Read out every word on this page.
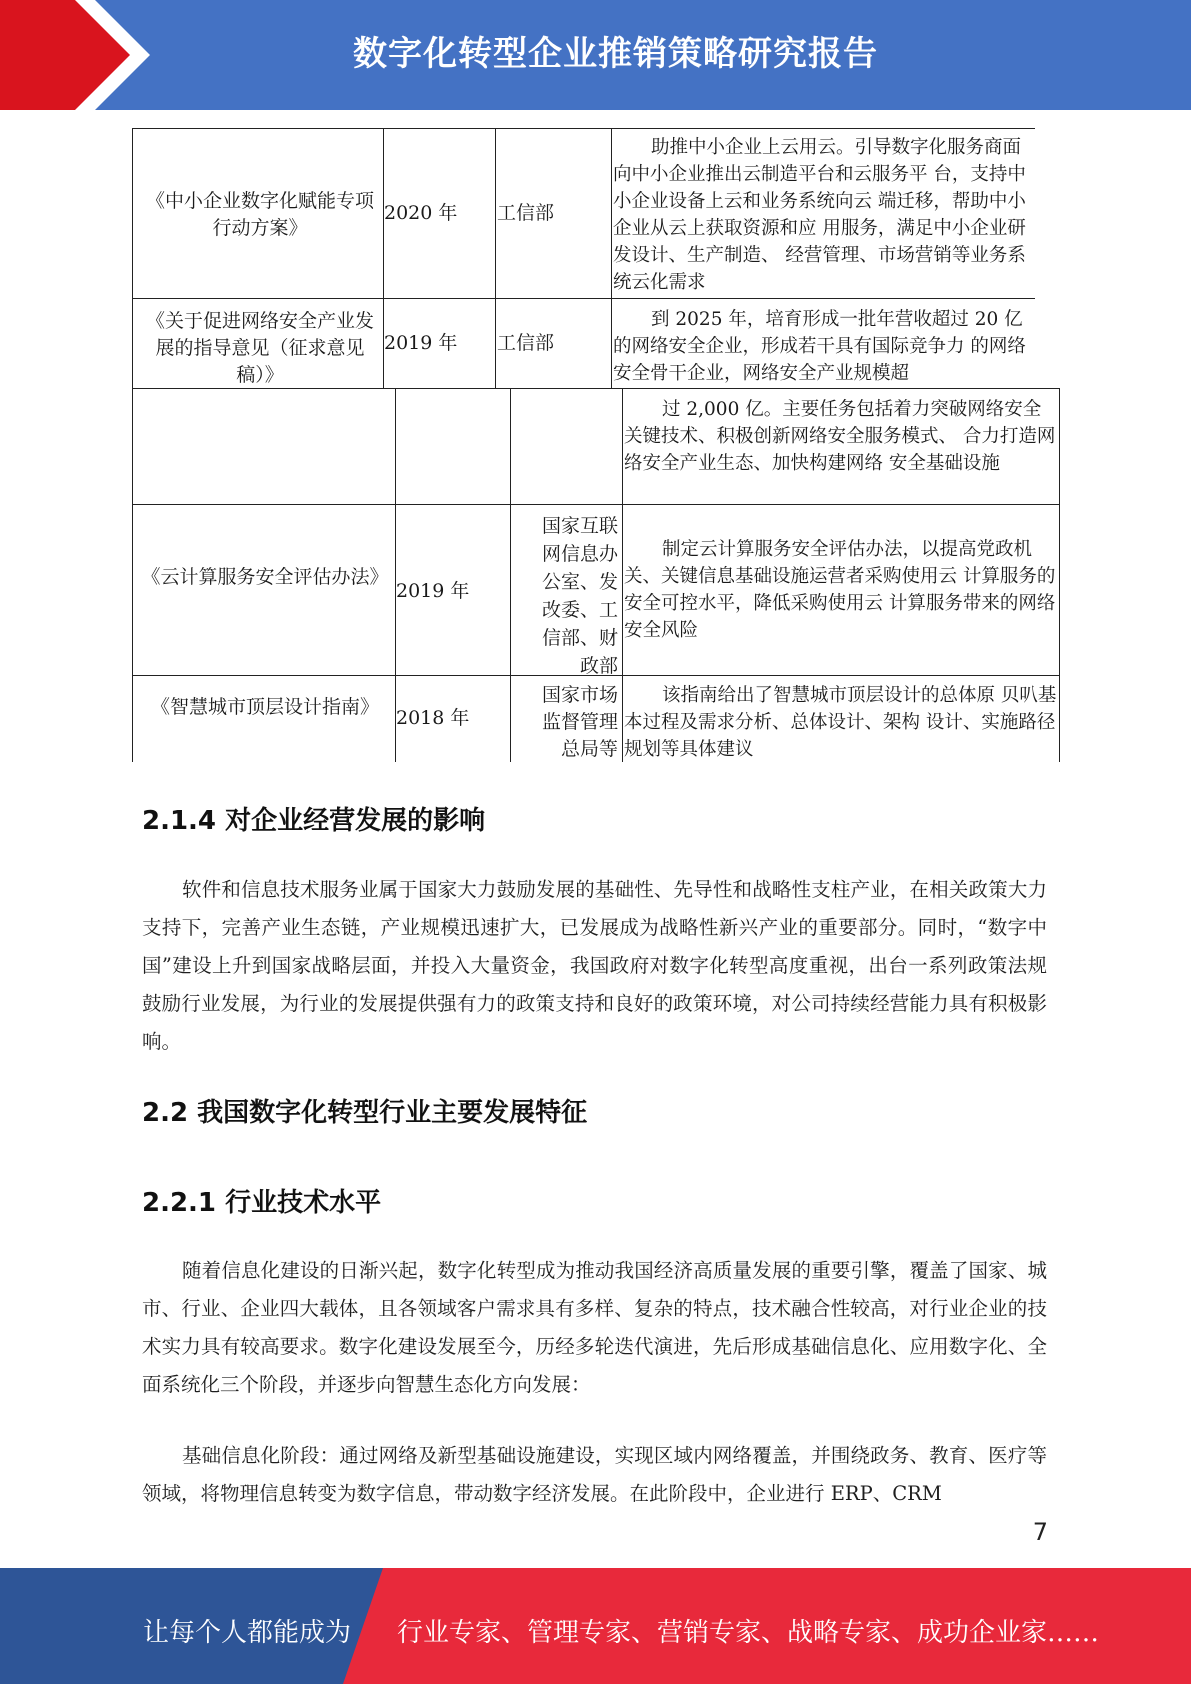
数字化转型企业推销策略研究报告
《中小企业数字化赋能专项行动方案》
2020 年	工信部
助推中小企业上云用云。引导数字化服务商面向中小企业推出云制造平台和云服务平 台，支持中小企业设备上云和业务系统向云 端迁移，帮助中小企业从云上获取资源和应 用服务，满足中小企业研发设计、生产制造、 经营管理、市场营销等业务系统云化需求
《关于促进网络安全产业发展的指导意见（征求意见稿）》
2019 年	工信部
到 2025 年，培育形成一批年营收超过 20 亿的网络安全企业，形成若干具有国际竞争力 的网络安全骨干企业，网络安全产业规模超
过 2,000 亿。主要任务包括着力突破网络安全关键技术、积极创新网络安全服务模式、 合力打造网络安全产业生态、加快构建网络 安全基础设施
《云计算服务安全评估办法》
2019 年
国家互联 网信息办 公室、发 改委、工 信部、财 政部
制定云计算服务安全评估办法，以提高党政机关、关键信息基础设施运营者采购使用云 计算服务的安全可控水平，降低采购使用云 计算服务带来的网络安全风险
《智慧城市顶层设计指南》 2018 年
国家市场 监督管理 总局等
该指南给出了智慧城市顶层设计的总体原 贝叭基本过程及需求分析、总体设计、架构 设计、实施路径规划等具体建议
2.1.4 对企业经营发展的影响
软件和信息技术服务业属于国家大力鼓励发展的基础性、先导性和战略性支柱产业，在相关政策大力支持下，完善产业生态链，产业规模迅速扩大，已发展成为战略性新兴产业的重要部分。同时，“数字中国”建设上升到国家战略层面，并投入大量资金，我国政府对数字化转型高度重视，出台一系列政策法规鼓励行业发展，为行业的发展提供强有力的政策支持和良好的政策环境，对公司持续经营能力具有积极影响。
2.2 我国数字化转型行业主要发展特征
2.2.1 行业技术水平
随着信息化建设的日渐兴起，数字化转型成为推动我国经济高质量发展的重要引擎，覆盖了国家、城市、行业、企业四大载体，且各领域客户需求具有多样、复杂的特点，技术融合性较高，对行业企业的技术实力具有较高要求。数字化建设发展至今，历经多轮迭代演进，先后形成基础信息化、应用数字化、全面系统化三个阶段，并逐步向智慧生态化方向发展：
基础信息化阶段：通过网络及新型基础设施建设，实现区域内网络覆盖，并围绕政务、教育、医疗等领域，将物理信息转变为数字信息，带动数字经济发展。在此阶段中，企业进行 ERP、CRM
7
让每个人都能成为 行业专家、管理专家、营销专家、战略专家、成功企业家……
